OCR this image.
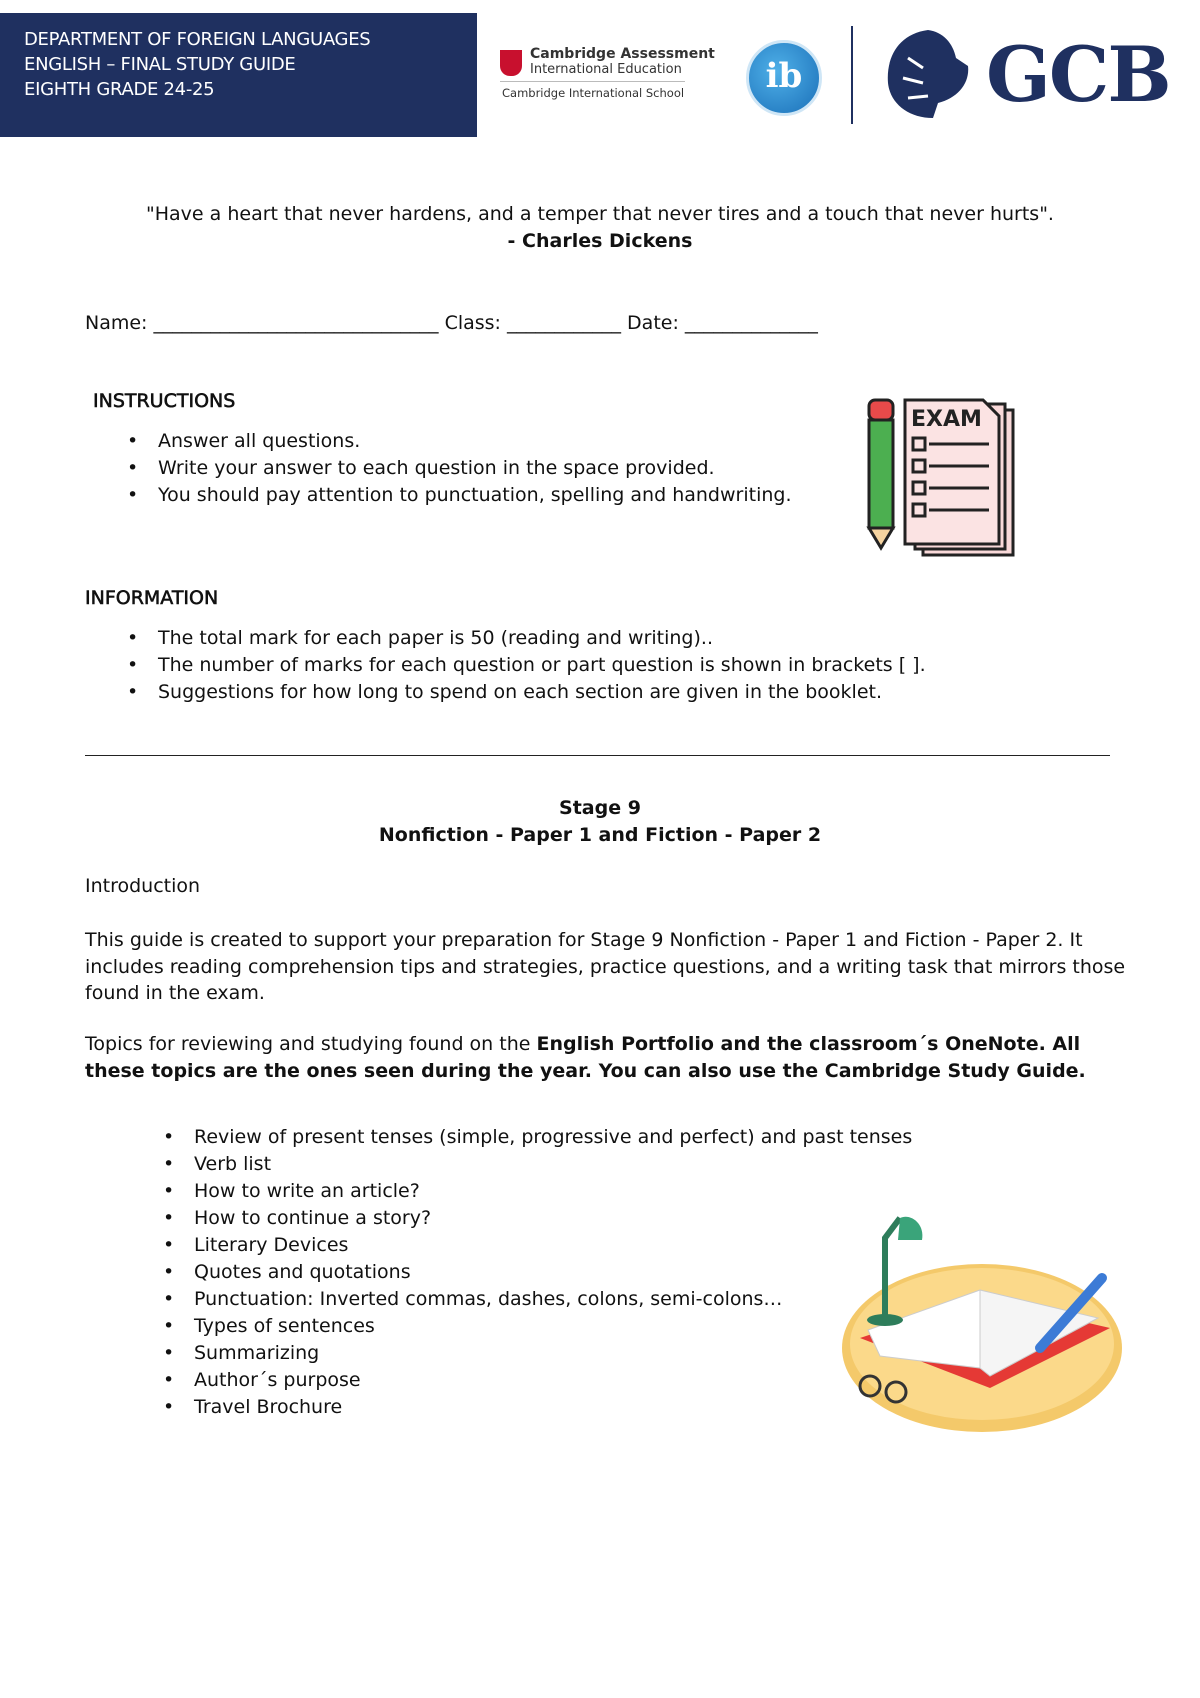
DEPARTMENT OF FOREIGN LANGUAGES
ENGLISH – FINAL STUDY GUIDE
EIGHTH GRADE 24-25
Cambridge Assessment
International Education
Cambridge International School	ib GCB
"Have a heart that never hardens, and a temper that never tires and a touch that never hurts".
- Charles Dickens
Name: ______________________________ Class: ____________ Date: ______________
INSTRUCTIONS
• Answer all questions.
• Write your answer to each question in the space provided.
• You should pay attention to punctuation, spelling and handwriting.
EXAM
INFORMATION
• The total mark for each paper is 50 (reading and writing)..
• The number of marks for each question or part question is shown in brackets [ ].
• Suggestions for how long to spend on each section are given in the booklet.
Stage 9
Nonfiction - Paper 1 and Fiction - Paper 2
Introduction

This guide is created to support your preparation for Stage 9 Nonfiction - Paper 1 and Fiction - Paper 2. It includes reading comprehension tips and strategies, practice questions, and a writing task that mirrors those found in the exam.

Topics for reviewing and studying found on the English Portfolio and the classroom´s OneNote. All these topics are the ones seen during the year. You can also use the Cambridge Study Guide.

• Review of present tenses (simple, progressive and perfect) and past tenses
• Verb list
• How to write an article?
• How to continue a story?
• Literary Devices
• Quotes and quotations
• Punctuation: Inverted commas, dashes, colons, semi-colons…
• Types of sentences
• Summarizing
• Author´s purpose
• Travel Brochure
